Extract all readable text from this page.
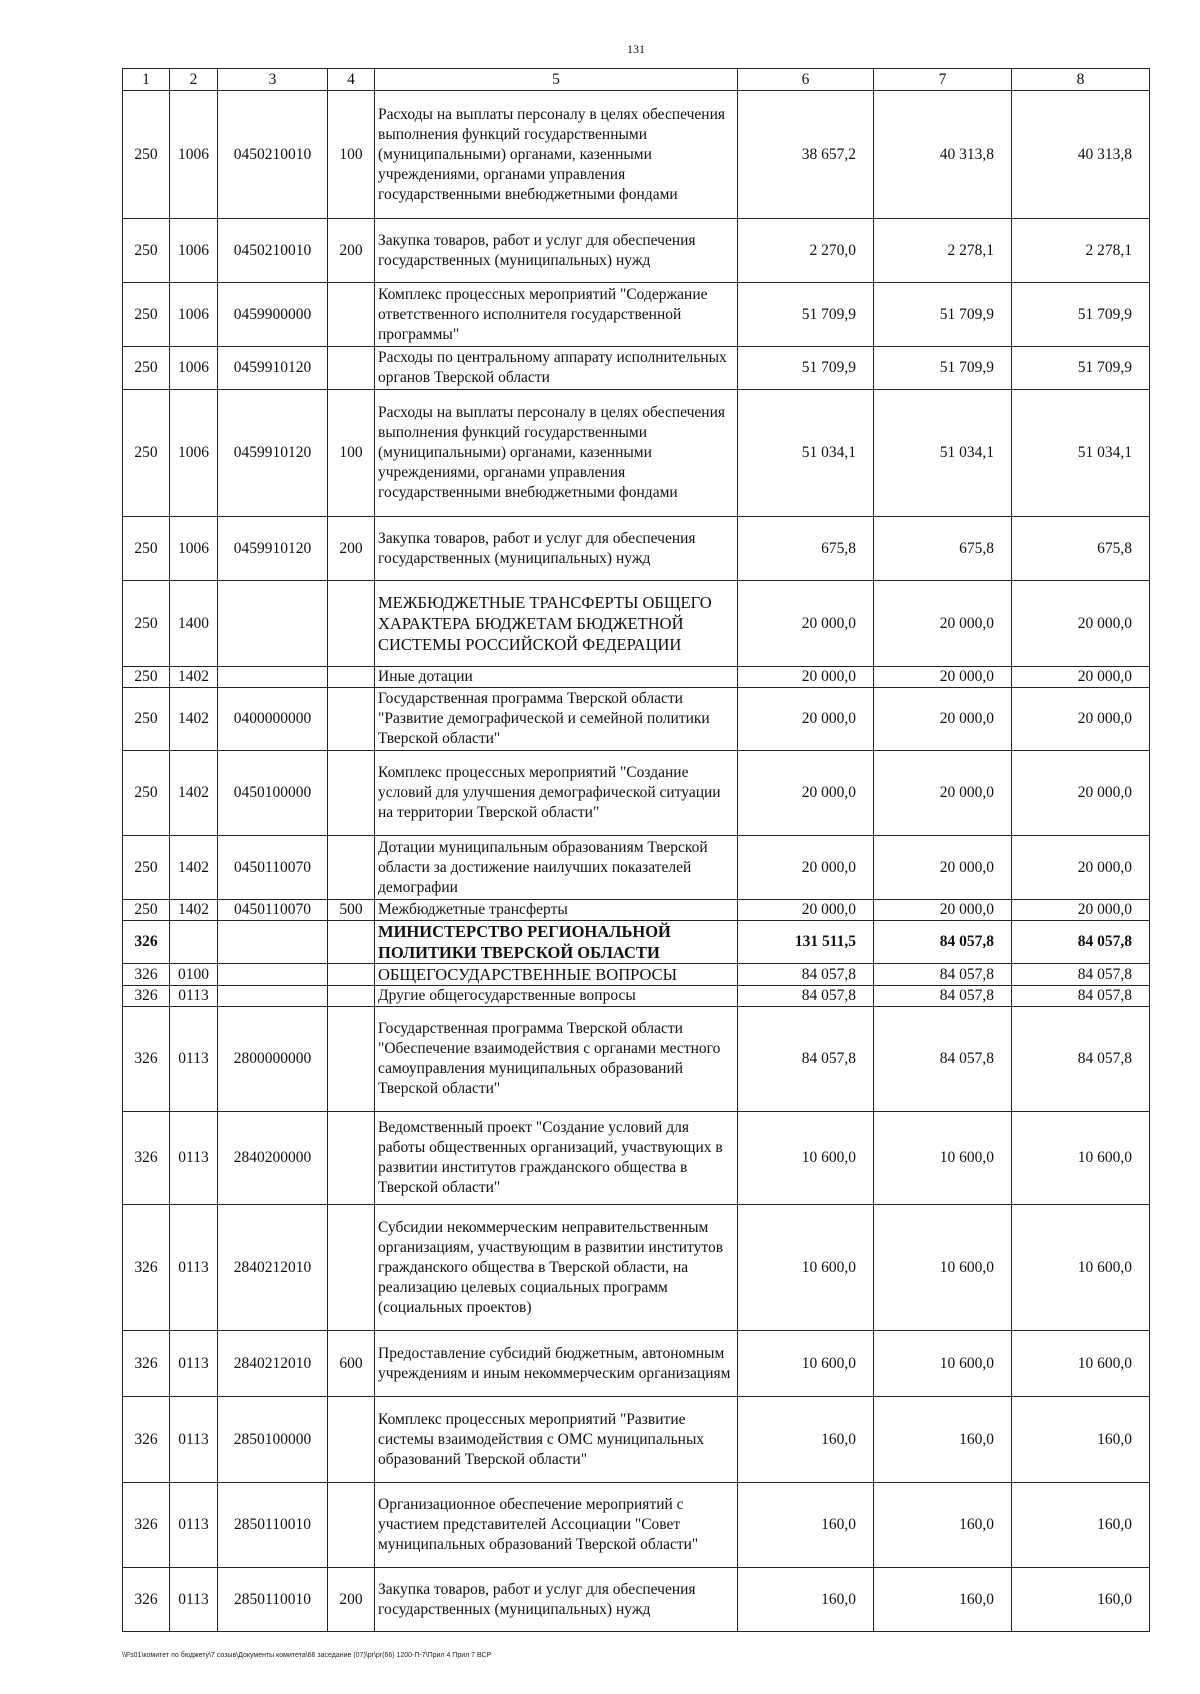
131
1	2	3	4	5	6	7	8
250	1006	0450210010	100	Расходы на выплаты персоналу в целях обеспечения выполнения функций государственными (муниципальными) органами, казенными учреждениями, органами управления государственными внебюджетными фондами	38 657,2	40 313,8	40 313,8
250	1006	0450210010	200	Закупка товаров, работ и услуг для обеспечения государственных (муниципальных) нужд	2 270,0	2 278,1	2 278,1
250	1006	0459900000		Комплекс процессных мероприятий "Содержание ответственного исполнителя государственной программы"	51 709,9	51 709,9	51 709,9
250	1006	0459910120		Расходы по центральному аппарату исполнительных органов Тверской области	51 709,9	51 709,9	51 709,9
250	1006	0459910120	100	Расходы на выплаты персоналу в целях обеспечения выполнения функций государственными (муниципальными) органами, казенными учреждениями, органами управления государственными внебюджетными фондами	51 034,1	51 034,1	51 034,1
250	1006	0459910120	200	Закупка товаров, работ и услуг для обеспечения государственных (муниципальных) нужд	675,8	675,8	675,8
250	1400			МЕЖБЮДЖЕТНЫЕ ТРАНСФЕРТЫ ОБЩЕГО ХАРАКТЕРА БЮДЖЕТАМ БЮДЖЕТНОЙ СИСТЕМЫ РОССИЙСКОЙ ФЕДЕРАЦИИ	20 000,0	20 000,0	20 000,0
250	1402			Иные дотации	20 000,0	20 000,0	20 000,0
250	1402	0400000000		Государственная программа Тверской области "Развитие демографической и семейной политики Тверской области"	20 000,0	20 000,0	20 000,0
250	1402	0450100000		Комплекс процессных мероприятий "Создание условий для улучшения демографической ситуации на территории Тверской области"	20 000,0	20 000,0	20 000,0
250	1402	0450110070		Дотации муниципальным образованиям Тверской области за достижение наилучших показателей демографии	20 000,0	20 000,0	20 000,0
250	1402	0450110070	500	Межбюджетные трансферты	20 000,0	20 000,0	20 000,0
326				МИНИСТЕРСТВО РЕГИОНАЛЬНОЙ ПОЛИТИКИ ТВЕРСКОЙ ОБЛАСТИ	131 511,5	84 057,8	84 057,8
326	0100			ОБЩЕГОСУДАРСТВЕННЫЕ ВОПРОСЫ	84 057,8	84 057,8	84 057,8
326	0113			Другие общегосударственные вопросы	84 057,8	84 057,8	84 057,8
326	0113	2800000000		Государственная программа Тверской области "Обеспечение взаимодействия с органами местного самоуправления муниципальных образований Тверской области"	84 057,8	84 057,8	84 057,8
326	0113	2840200000		Ведомственный проект "Создание условий для работы общественных организаций, участвующих в развитии институтов гражданского общества в Тверской области"	10 600,0	10 600,0	10 600,0
326	0113	2840212010		Субсидии некоммерческим неправительственным организациям, участвующим в развитии институтов гражданского общества в Тверской области, на реализацию целевых социальных программ (социальных проектов)	10 600,0	10 600,0	10 600,0
326	0113	2840212010	600	Предоставление субсидий бюджетным, автономным учреждениям и иным некоммерческим организациям	10 600,0	10 600,0	10 600,0
326	0113	2850100000		Комплекс процессных мероприятий "Развитие системы взаимодействия с ОМС муниципальных образований Тверской области"	160,0	160,0	160,0
326	0113	2850110010		Организационное обеспечение мероприятий с участием представителей Ассоциации "Совет муниципальных образований Тверской области"	160,0	160,0	160,0
326	0113	2850110010	200	Закупка товаров, работ и услуг для обеспечения государственных (муниципальных) нужд	160,0	160,0	160,0
\\Fs01\комитет по бюджету\7 созыв\Документы комитета\66 заседание (07)\pr\pr(66) 1200-П-7\Прил 4 Прил 7 ВСР
